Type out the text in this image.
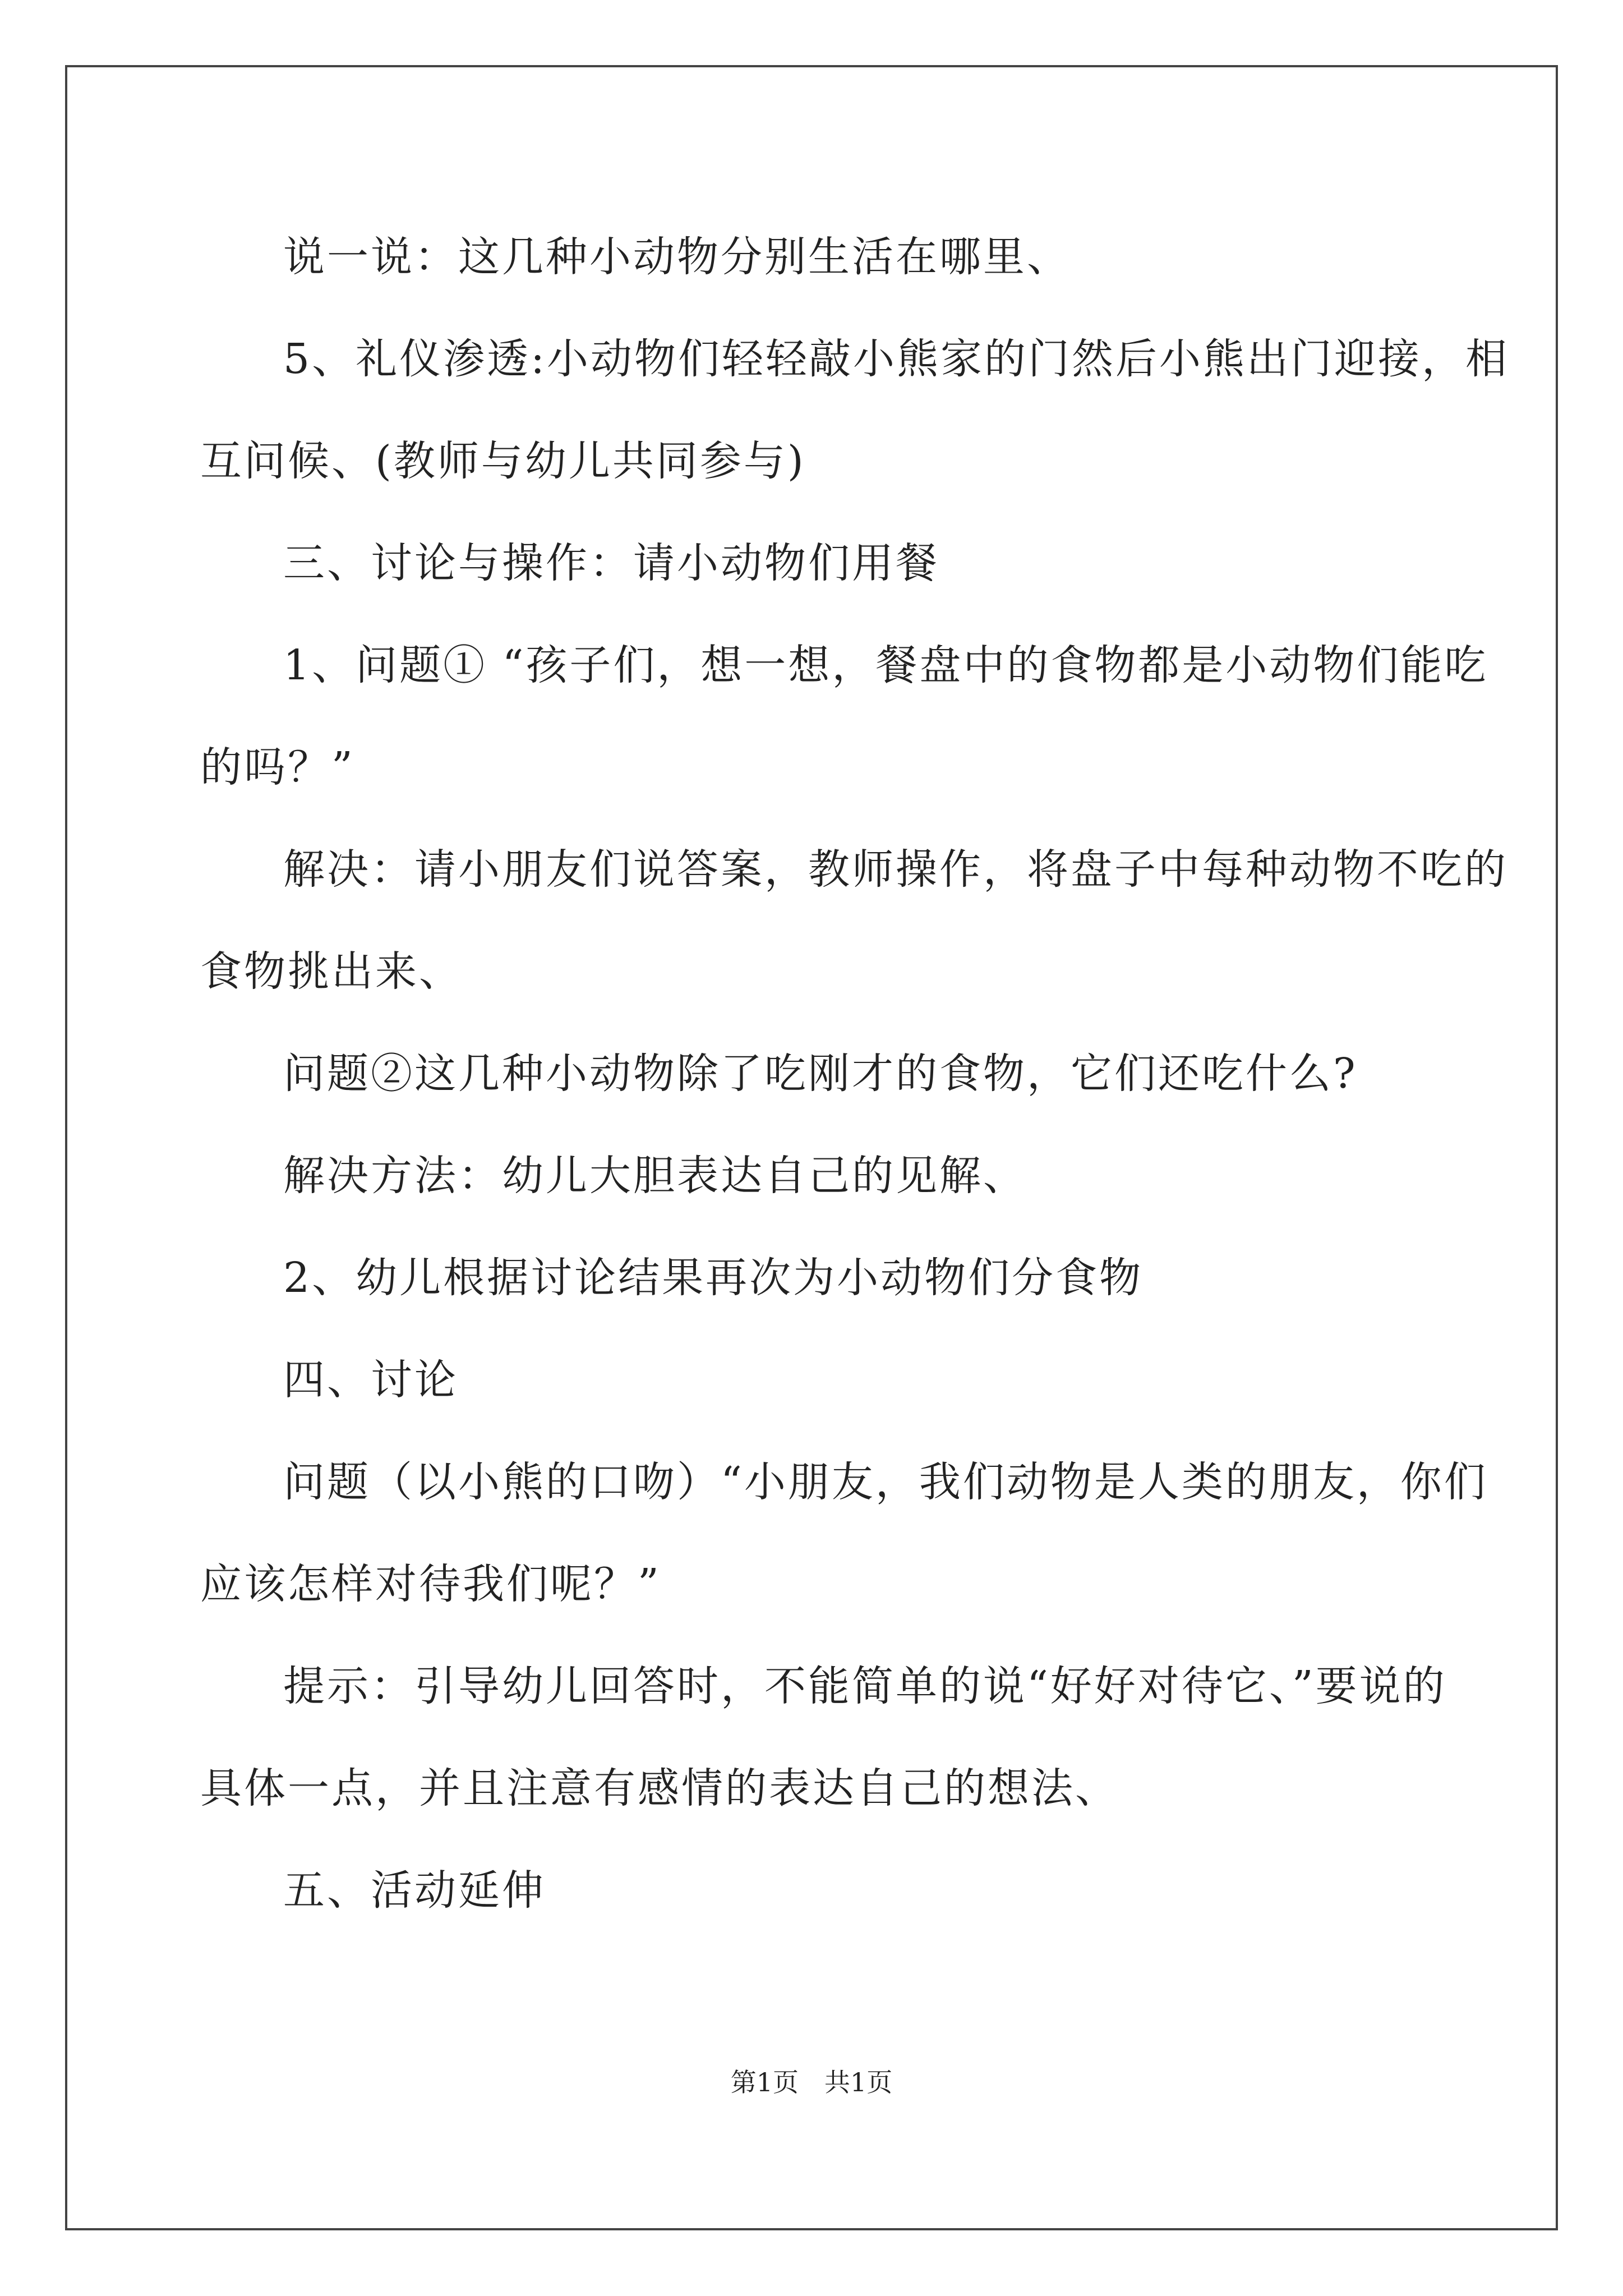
说一说：这几种小动物分别生活在哪里、
5、礼仪渗透:小动物们轻轻敲小熊家的门然后小熊出门迎接，相
互问候、(教师与幼儿共同参与)
三、讨论与操作：请小动物们用餐
1、问题① “孩子们，想一想，餐盘中的食物都是小动物们能吃
的吗？”
解决：请小朋友们说答案，教师操作，将盘子中每种动物不吃的
食物挑出来、
问题②这几种小动物除了吃刚才的食物，它们还吃什么?
解决方法：幼儿大胆表达自己的见解、
2、幼儿根据讨论结果再次为小动物们分食物
四、讨论
问题（以小熊的口吻）“小朋友，我们动物是人类的朋友，你们
应该怎样对待我们呢？”
提示：引导幼儿回答时，不能简单的说“好好对待它、”要说的
具体一点，并且注意有感情的表达自己的想法、
五、活动延伸
第1页　共1页
